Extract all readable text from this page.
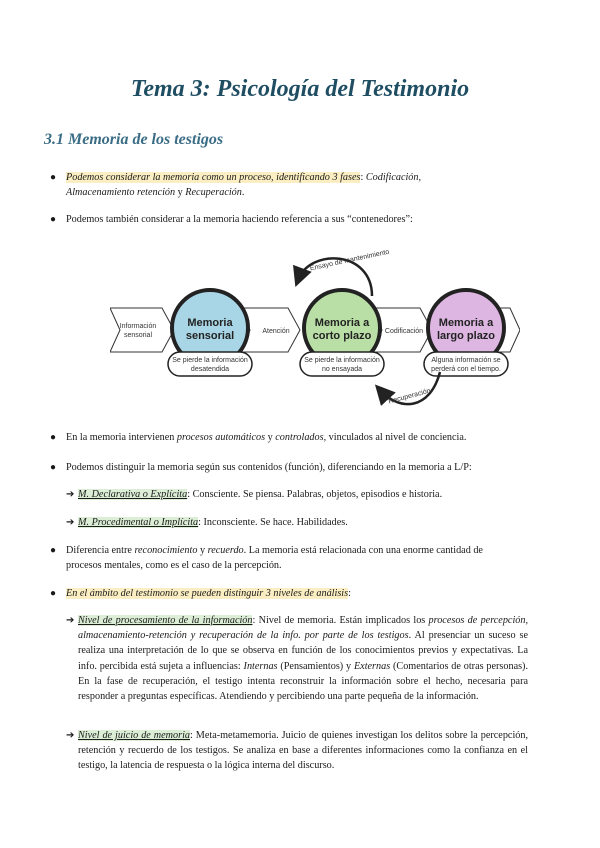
Tema 3: Psicología del Testimonio
3.1 Memoria de los testigos
● Podemos considerar la memoria como un proceso, identificando 3 fases: Codificación,
Almacenamiento retención y Recuperación.
● Podemos también considerar a la memoria haciendo referencia a sus “contenedores”:
Información
sensorial
Atención	Codificación
Memoria
sensorial
Se pierde la información
desatendida
Memoria a
corto plazo
Se pierde la información
no ensayada
Memoria a
largo plazo
Alguna información se
perderá con el tiempo.
Ensayo de mantenimiento
Recuperación
● En la memoria intervienen procesos automáticos y controlados, vinculados al nivel de conciencia.
● Podemos distinguir la memoria según sus contenidos (función), diferenciando en la memoria a L/P:
➔ M. Declarativa o Explícita: Consciente. Se piensa. Palabras, objetos, episodios e historia.
➔ M. Procedimental o Implícita: Inconsciente. Se hace. Habilidades.
● Diferencia entre reconocimiento y recuerdo. La memoria está relacionada con una enorme cantidad de
procesos mentales, como es el caso de la percepción.
● En el ámbito del testimonio se pueden distinguir 3 niveles de análisis:
➔ Nivel de procesamiento de la información: Nivel de memoria. Están implicados los procesos de percepción, almacenamiento-retención y recuperación de la info. por parte de los testigos. Al presenciar un suceso se realiza una interpretación de lo que se observa en función de los conocimientos previos y expectativas. La info. percibida está sujeta a influencias: Internas (Pensamientos) y Externas (Comentarios de otras personas). En la fase de recuperación, el testigo intenta reconstruir la información sobre el hecho, necesaria para responder a preguntas específicas. Atendiendo y percibiendo una parte pequeña de la información.
➔ Nivel de juicio de memoria: Meta-metamemoria. Juicio de quienes investigan los delitos sobre la percepción, retención y recuerdo de los testigos. Se analiza en base a diferentes informaciones como la confianza en el testigo, la latencia de respuesta o la lógica interna del discurso.
